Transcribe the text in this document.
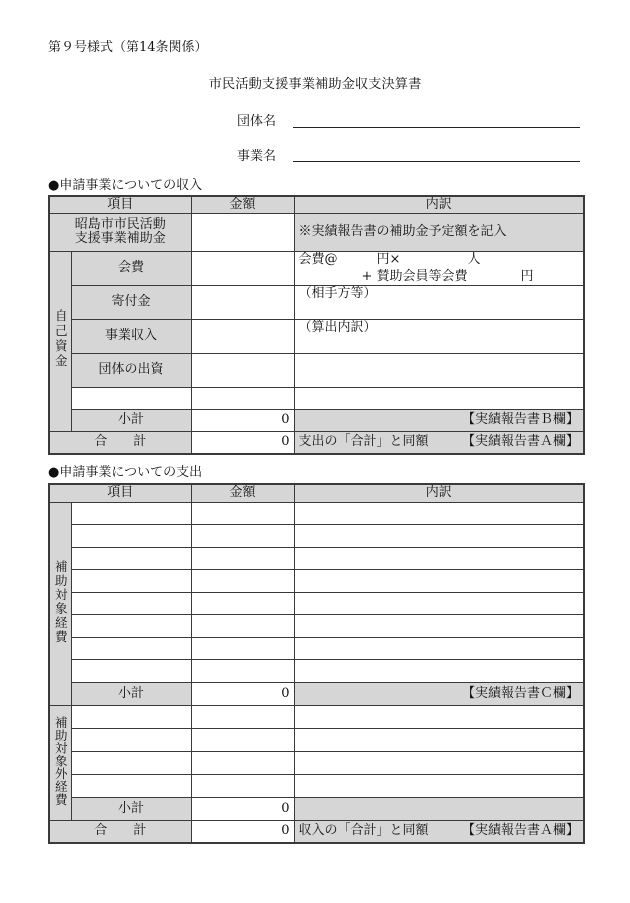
第９号様式（第14条関係）
市民活動支援事業補助金収支決算書
団体名
事業名
●申請事業についての収入
項目		金額	内訳

昭島市市民活動
支援事業補助金			※実績報告書の補助金予定額を記入
自己資金	会費		会費@ 円× 人
+ 賛助会員等会費 円

	寄付金		（相手方等）
	事業収入		（算出内訳）
	団体の出資		

	小計	0	【実績報告書Ｂ欄】
合　　計		0	支出の「合計」と同額 【実績報告書Ａ欄】
●申請事業についての支出
項目		金額	内訳
補助対象経費			

	小計	0	【実績報告書Ｃ欄】
補助対象外経費			

	小計	0	
合　　計		0	収入の「合計」と同額 【実績報告書Ａ欄】
